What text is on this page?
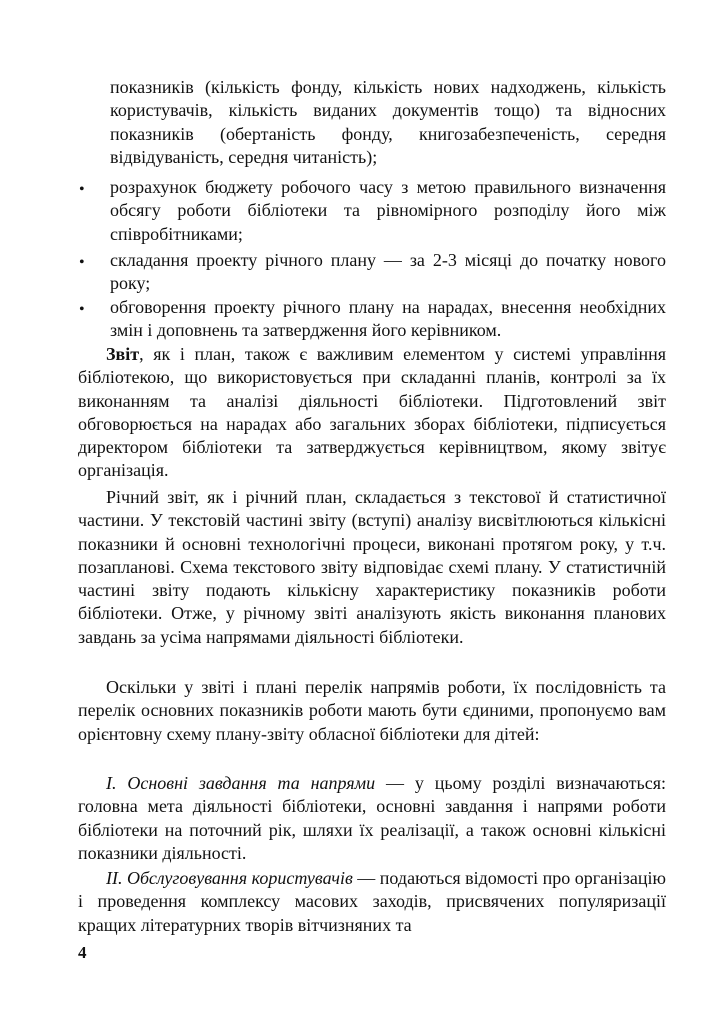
показників (кількість фонду, кількість нових надходжень, кількість користувачів, кількість виданих документів тощо) та відносних показників (обертаність фонду, книгозабезпеченість, середня відвідуваність, середня читаність);
• розрахунок бюджету робочого часу з метою правильного визначення обсягу роботи бібліотеки та рівномірного розподілу його між співробітниками;
• складання проекту річного плану — за 2-3 місяці до початку нового року;
• обговорення проекту річного плану на нарадах, внесення необхідних змін і доповнень та затвердження його керівником.
Звіт, як і план, також є важливим елементом у системі управління бібліотекою, що використовується при складанні планів, контролі за їх виконанням та аналізі діяльності бібліотеки. Підготовлений звіт обговорюється на нарадах або загальних зборах бібліотеки, підписується директором бібліотеки та затверджується керівництвом, якому звітує організація.
Річний звіт, як і річний план, складається з текстової й статистичної частини. У текстовій частині звіту (вступі) аналізу висвітлюються кількісні показники й основні технологічні процеси, виконані протягом року, у т.ч. позапланові. Схема текстового звіту відповідає схемі плану. У статистичній частині звіту подають кількісну характеристику показників роботи бібліотеки. Отже, у річному звіті аналізують якість виконання планових завдань за усіма напрямами діяльності бібліотеки.
Оскільки у звіті і плані перелік напрямів роботи, їх послідовність та перелік основних показників роботи мають бути єдиними, пропонуємо вам орієнтовну схему плану-звіту обласної бібліотеки для дітей:
І. Основні завдання та напрями — у цьому розділі визначаються: головна мета діяльності бібліотеки, основні завдання і напрями роботи бібліотеки на поточний рік, шляхи їх реалізації, а також основні кількісні показники діяльності.
ІІ. Обслуговування користувачів — подаються відомості про організацію і проведення комплексу масових заходів, присвячених популяризації кращих літературних творів вітчизняних та
4
